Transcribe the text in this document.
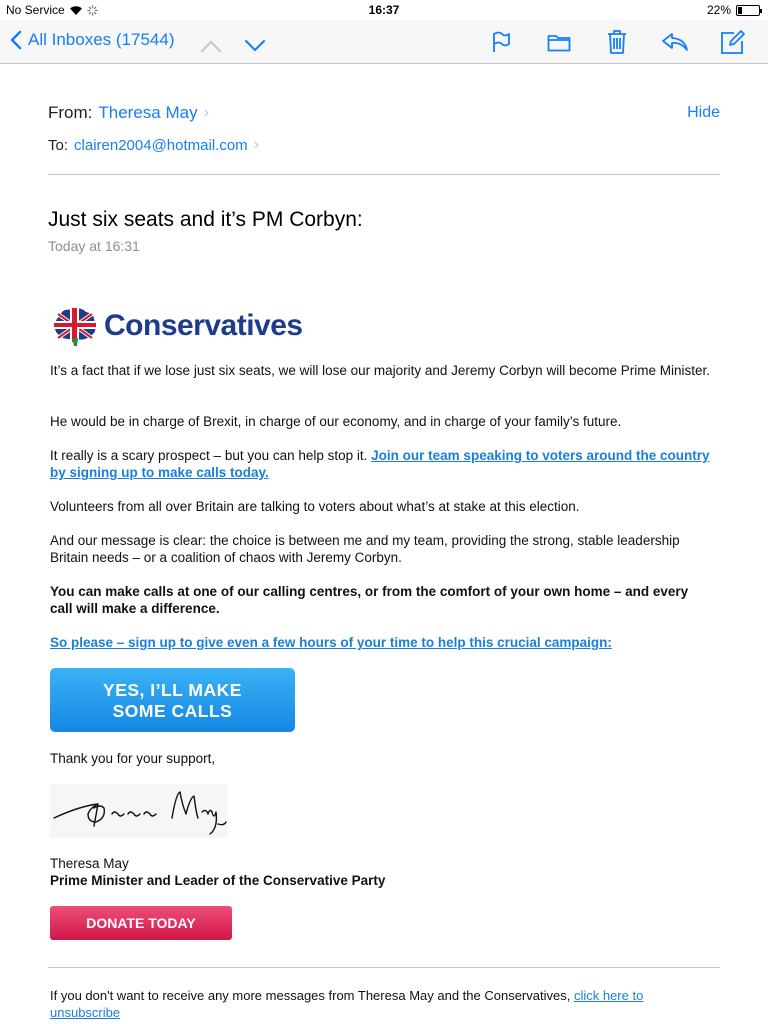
No Service	16:37	22%
All Inboxes (17544)
From: Theresa May ›	Hide
To: clairen2004@hotmail.com ›
Just six seats and it’s PM Corbyn:
Today at 16:31
Conservatives

It’s a fact that if we lose just six seats, we will lose our majority and Jeremy Corbyn will become Prime Minister.

He would be in charge of Brexit, in charge of our economy, and in charge of your family’s future.

It really is a scary prospect – but you can help stop it. Join our team speaking to voters around the country by signing up to make calls today.

Volunteers from all over Britain are talking to voters about what’s at stake at this election.

And our message is clear: the choice is between me and my team, providing the strong, stable leadership Britain needs – or a coalition of chaos with Jeremy Corbyn.

You can make calls at one of our calling centres, or from the comfort of your own home – and every call will make a difference.

So please – sign up to give even a few hours of your time to help this crucial campaign:

YES, I’LL MAKE
SOME CALLS

Thank you for your support,

Theresa May

Prime Minister and Leader of the Conservative Party

DONATE TODAY

If you don't want to receive any more messages from Theresa May and the Conservatives, click here to unsubscribe
